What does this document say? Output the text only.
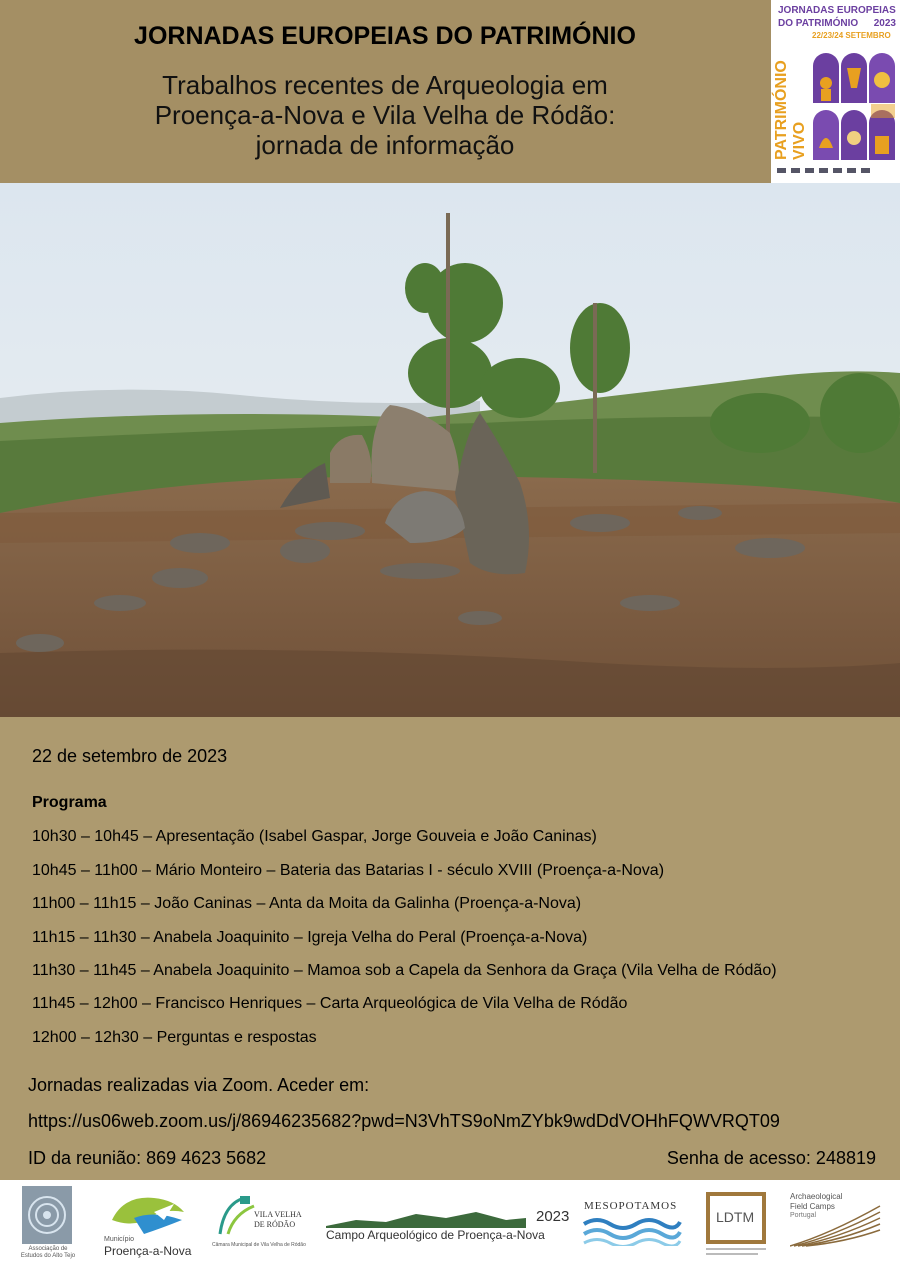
JORNADAS EUROPEIAS DO PATRIMÓNIO
Trabalhos recentes de Arqueologia em
Proença-a-Nova e Vila Velha de Ródão:
jornada de informação
JORNADAS EUROPEIAS
DO PATRIMÓNIO 2023
22/23/24 SETEMBRO
PATRIMÓNIO VIVO
22 de setembro de 2023
Programa
10h30 – 10h45 – Apresentação (Isabel Gaspar, Jorge Gouveia e João Caninas)
10h45 – 11h00 – Mário Monteiro – Bateria das Batarias I - século XVIII (Proença-a-Nova)
11h00 – 11h15 – João Caninas – Anta da Moita da Galinha (Proença-a-Nova)
11h15 – 11h30 – Anabela Joaquinito – Igreja Velha do Peral (Proença-a-Nova)
11h30 – 11h45 – Anabela Joaquinito – Mamoa sob a Capela da Senhora da Graça (Vila Velha de Ródão)
11h45 – 12h00 – Francisco Henriques – Carta Arqueológica de Vila Velha de Ródão
12h00 – 12h30 – Perguntas e respostas
Jornadas realizadas via Zoom. Aceder em:
https://us06web.zoom.us/j/86946235682?pwd=N3VhTS9oNmZYbk9wdDdVOHhFQWVRQT09
ID da reunião: 869 4623 5682	Senha de acesso: 248819
Associação de Estudos do Alto Tejo
Município
Proença-a-Nova
VILA VELHA
DE RÓDÃO
Câmara Municipal de Vila Velha de Ródão
2023
Campo Arqueológico de Proença-a-Nova
MESOPOTAMOS
LDTM
Archaeological
Field Camps
Portugal
